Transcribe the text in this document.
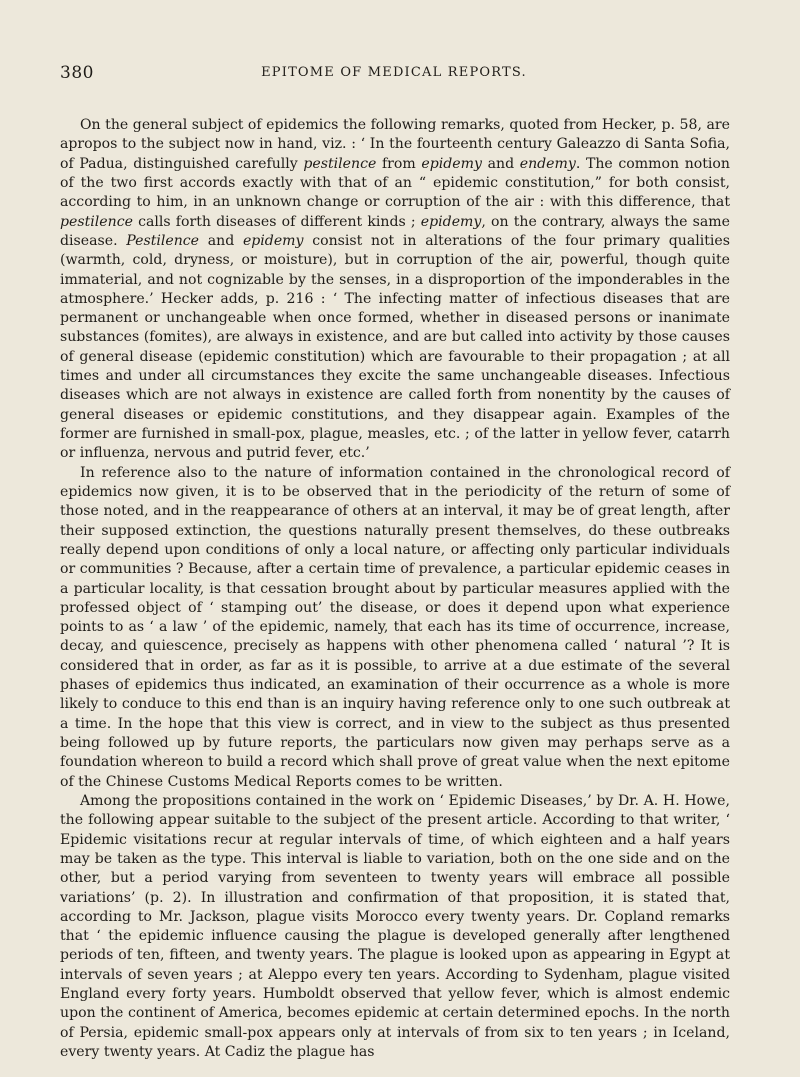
380	EPITOME OF MEDICAL REPORTS.

On the general subject of epidemics the following remarks, quoted from Hecker, p. 58, are apropos to the subject now in hand, viz. : ‘ In the fourteenth century Galeazzo di Santa Sofia, of Padua, distinguished carefully pestilence from epidemy and endemy. The common notion of the two first accords exactly with that of an “ epidemic constitution,” for both consist, according to him, in an unknown change or corruption of the air : with this difference, that pestilence calls forth diseases of different kinds ; epidemy, on the contrary, always the same disease. Pestilence and epidemy consist not in alterations of the four primary qualities (warmth, cold, dryness, or moisture), but in corruption of the air, powerful, though quite immaterial, and not cognizable by the senses, in a disproportion of the imponderables in the atmosphere.’ Hecker adds, p. 216 : ‘ The infecting matter of infectious diseases that are permanent or unchangeable when once formed, whether in diseased persons or inanimate substances (fomites), are always in existence, and are but called into activity by those causes of general disease (epidemic constitution) which are favourable to their propagation ; at all times and under all circumstances they excite the same unchangeable diseases. Infectious diseases which are not always in existence are called forth from nonentity by the causes of general diseases or epidemic constitutions, and they disappear again. Examples of the former are furnished in small-pox, plague, measles, etc. ; of the latter in yellow fever, catarrh or influenza, nervous and putrid fever, etc.’

In reference also to the nature of information contained in the chronological record of epidemics now given, it is to be observed that in the periodicity of the return of some of those noted, and in the reappearance of others at an interval, it may be of great length, after their supposed extinction, the questions naturally present themselves, do these outbreaks really depend upon conditions of only a local nature, or affecting only particular individuals or communities ? Because, after a certain time of prevalence, a particular epidemic ceases in a particular locality, is that cessation brought about by particular measures applied with the professed object of ‘ stamping out’ the disease, or does it depend upon what experience points to as ‘ a law ’ of the epidemic, namely, that each has its time of occurrence, increase, decay, and quiescence, precisely as happens with other phenomena called ‘ natural ’? It is considered that in order, as far as it is possible, to arrive at a due estimate of the several phases of epidemics thus indicated, an examination of their occurrence as a whole is more likely to conduce to this end than is an inquiry having reference only to one such outbreak at a time. In the hope that this view is correct, and in view to the subject as thus presented being followed up by future reports, the particulars now given may perhaps serve as a foundation whereon to build a record which shall prove of great value when the next epitome of the Chinese Customs Medical Reports comes to be written.

Among the propositions contained in the work on ‘ Epidemic Diseases,’ by Dr. A. H. Howe, the following appear suitable to the subject of the present article. According to that writer, ‘ Epidemic visitations recur at regular intervals of time, of which eighteen and a half years may be taken as the type. This interval is liable to variation, both on the one side and on the other, but a period varying from seventeen to twenty years will embrace all possible variations’ (p. 2). In illustration and confirmation of that proposition, it is stated that, according to Mr. Jackson, plague visits Morocco every twenty years. Dr. Copland remarks that ‘ the epidemic influence causing the plague is developed generally after lengthened periods of ten, fifteen, and twenty years. The plague is looked upon as appearing in Egypt at intervals of seven years ; at Aleppo every ten years. According to Sydenham, plague visited England every forty years. Humboldt observed that yellow fever, which is almost endemic upon the continent of America, becomes epidemic at certain determined epochs. In the north of Persia, epidemic small-pox appears only at intervals of from six to ten years ; in Iceland, every twenty years. At Cadiz the plague has
